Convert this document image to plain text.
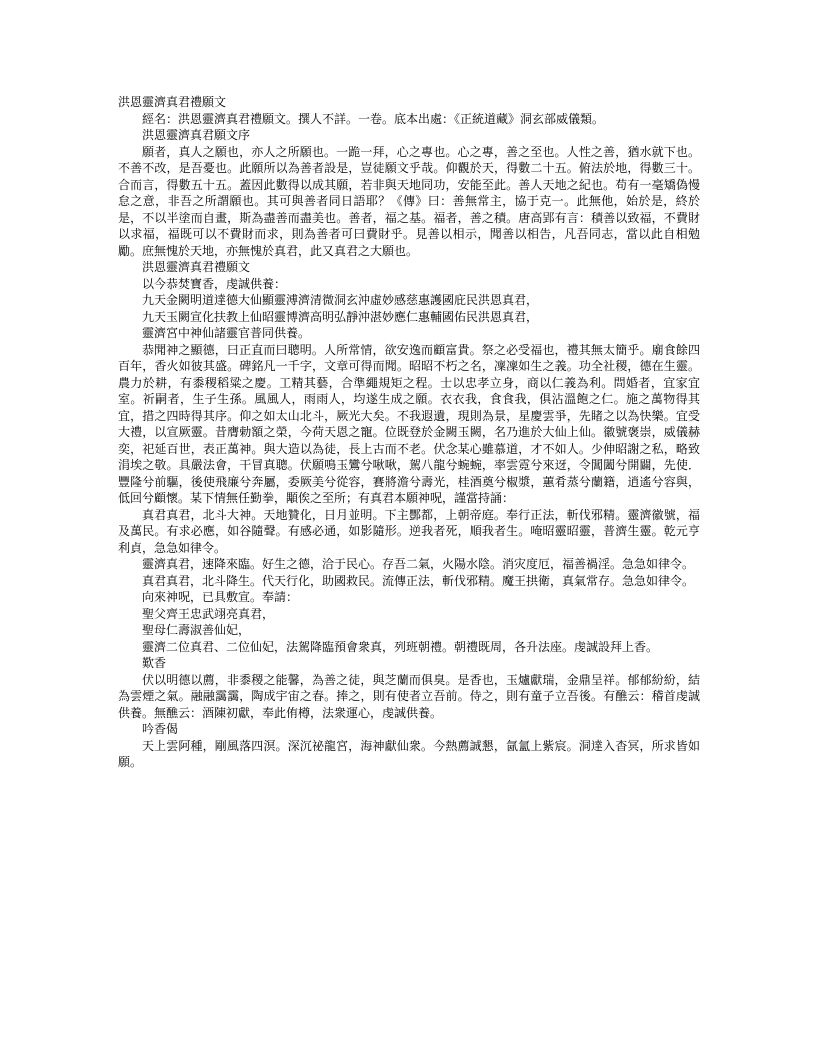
洪恩靈濟真君禮願文

經名：洪恩靈濟真君禮願文。撰人不詳。一卷。底本出處：《正統道藏》洞玄部威儀類。

洪恩靈濟真君願文序

願者，真人之願也，亦人之所願也。一跪一拜，心之專也。心之專，善之至也。人性之善，猶水就下也。不善不改，是吾憂也。此願所以為善者設是，豈徒願文乎哉。仰觀於天，得數二十五。俯法於地，得數三十。合而言，得數五十五。蓋因此數得以成其願，若非與天地同功，安能至此。善人天地之紀也。苟有一毫矯偽慢怠之意，非吾之所謂願也。其可與善者同日語耶？《傳》曰：善無常主，協于克一。此無他，始於是，終於是，不以半塗而自畫，斯為盡善而盡美也。善者，福之基。福者，善之積。唐高郢有言：積善以致福，不費財以求福，福既可以不費財而求，則為善者可曰費財乎。見善以相示，聞善以相告，凡吾同志，當以此自相勉勵。庶無愧於天地，亦無愧於真君，此又真君之大願也。

洪恩靈濟真君禮願文

以今恭焚寶香，虔誠供養：

九天金闕明道達德大仙顯靈溥濟清微洞玄沖虛妙感慈惠護國庇民洪恩真君，

九天玉闕宣化扶教上仙昭靈博濟高明弘靜沖湛妙應仁惠輔國佑民洪恩真君，

靈濟宮中神仙諸靈官普同供養。

恭聞神之顯德，曰正直而曰聰明。人所常情，欲安逸而顧富貴。祭之必受福也，禮其無太簡乎。廟食餘四百年，香火如彼其盛。碑銘凡一千字，文章可得而聞。昭昭不朽之名，凜凜如生之義。功全社稷，德在生靈。農力於耕，有黍稷稻粱之慶。工精其藝，合準繩規矩之程。士以忠孝立身，商以仁義為利。問婚者，宜家宜室。祈嗣者，生子生孫。風風人，雨雨人，均遂生成之願。衣衣我，食食我，俱沾溫飽之仁。施之萬物得其宜，措之四時得其序。仰之如太山北斗，厥光大矣。不我遐遺，現則為景，星慶雲爭，先睹之以為快樂。宜受大禮，以宣厥靈。昔膺勅額之榮，今荷天恩之寵。位既登於金闕玉闕，名乃進於大仙上仙。徽號褒崇，威儀赫奕，祀延百世，表正萬神。與大造以為徒，長上古而不老。伏念某心雖慕道，才不如人。少伸昭謝之私，略致涓埃之敬。具嚴法會，干冒真聰。伏願鳴玉鸞兮啾啾，駕八龍兮蜿蜿，率雲霓兮來迓，令閶闔兮開闢，先使．豐隆兮前驅，後使飛廉兮奔屬，委厥美兮從容，賽將澹兮壽光，桂酒奠兮椒漿，蕙肴蒸兮蘭籍，逍遙兮容與，低回兮顧懷。某下情無任勤拳，顒俟之至所；有真君本願神呪，謹當持誦：

真君真君，北斗大神。天地贊化，日月並明。下主酆都，上朝帝庭。奉行正法，斬伐邪精。靈濟徽號，福及萬民。有求必應，如谷隨聲。有感必通，如影隨形。逆我者死，順我者生。唵昭靈昭靈，普濟生靈。乾元亨利貞，急急如律令。

靈濟真君，速降來臨。好生之德，洽于民心。存吾二氣，火陽水陰。消灾度厄，福善禍淫。急急如律令。

真君真君，北斗降生。代天行化，助國救民。流傳正法，斬伐邪精。魔王拱衛，真氣常存。急急如律令。

向來神呪，已具敷宣。奉請：

聖父齊王忠武翊亮真君，

聖母仁壽淑善仙妃，

靈濟二位真君、二位仙妃，法駕降臨預會衆真，列班朝禮。朝禮既周，各升法座。虔誠設拜上香。

歎香

伏以明德以薦，非黍稷之能馨，為善之徒，與芝蘭而俱臭。是香也，玉爐獻瑞，金鼎呈祥。郁郁紛紛，結為雲煙之氣。融融靄靄，陶成宇宙之春。捧之，則有使者立吾前。侍之，則有童子立吾後。有醮云：稽首虔誠供養。無醮云：酒陳初獻，奉此侑樽，法衆運心，虔誠供養。

吟香偈

天上雲阿種，剛風落四溟。深沉祕龍宮，海神獻仙衆。今熱薦誠懇，氤氳上紫宸。洞達入杳冥，所求皆如願。
